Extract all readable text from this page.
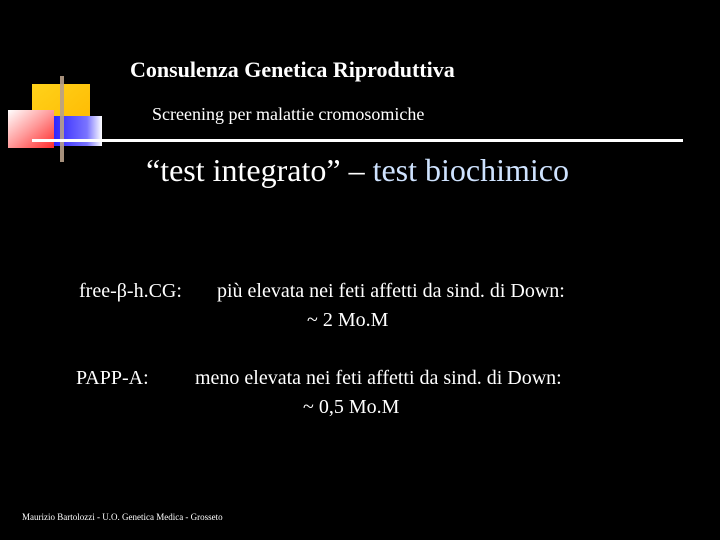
Consulenza Genetica Riproduttiva
Screening per malattie cromosomiche
“test integrato” – test biochimico
free-β-h.CG: più elevata nei feti affetti da sind. di Down:
~ 2 Mo.M
PAPP-A: meno elevata nei feti affetti da sind. di Down:
~ 0,5 Mo.M
Maurizio Bartolozzi - U.O. Genetica Medica - Grosseto
